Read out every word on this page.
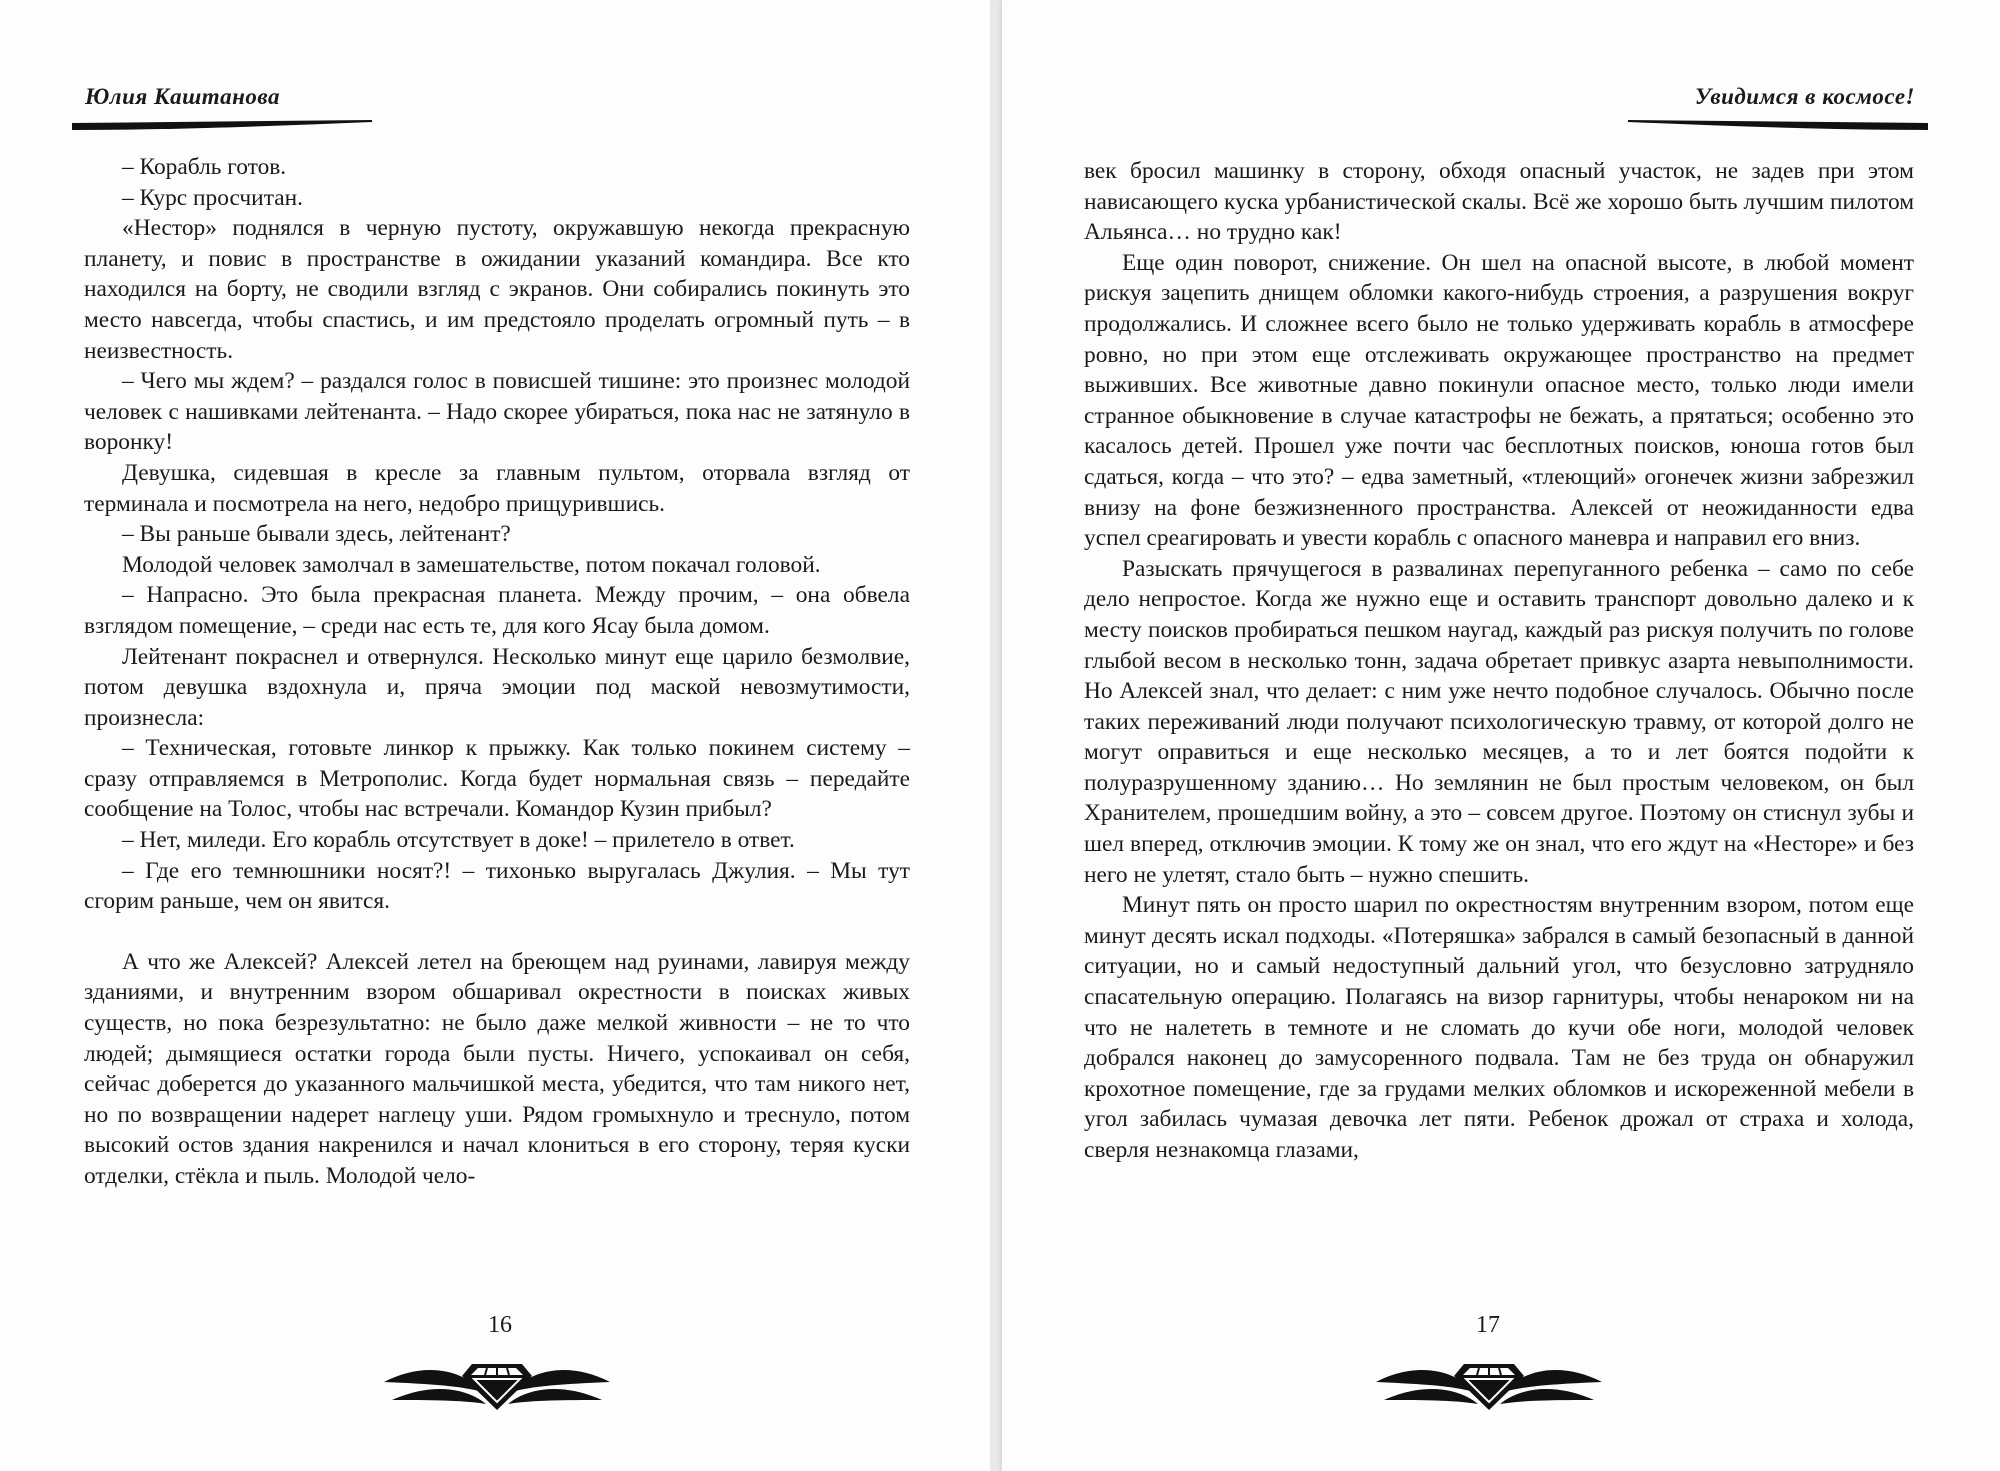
Юлия Каштанова

– Корабль готов.

– Курс просчитан.

«Нестор» поднялся в черную пустоту, окружавшую некогда прекрасную планету, и повис в пространстве в ожидании указаний командира. Все кто находился на борту, не сводили взгляд с экранов. Они собирались покинуть это место навсегда, чтобы спастись, и им предстояло проделать огромный путь – в неизвестность.

– Чего мы ждем? – раздался голос в повисшей тишине: это произнес молодой человек с нашивками лейтенанта. – Надо скорее убираться, пока нас не затянуло в воронку!

Девушка, сидевшая в кресле за главным пультом, оторвала взгляд от терминала и посмотрела на него, недобро прищурившись.

– Вы раньше бывали здесь, лейтенант?

Молодой человек замолчал в замешательстве, потом покачал головой.

– Напрасно. Это была прекрасная планета. Между прочим, – она обвела взглядом помещение, – среди нас есть те, для кого Ясау была домом.

Лейтенант покраснел и отвернулся. Несколько минут еще царило безмолвие, потом девушка вздохнула и, пряча эмоции под маской невозмутимости, произнесла:

– Техническая, готовьте линкор к прыжку. Как только покинем систему – сразу отправляемся в Метрополис. Когда будет нормальная связь – передайте сообщение на Толос, чтобы нас встречали. Командор Кузин прибыл?

– Нет, миледи. Его корабль отсутствует в доке! – прилетело в ответ.

– Где его темнюшники носят?! – тихонько выругалась Джулия. – Мы тут сгорим раньше, чем он явится.

А что же Алексей? Алексей летел на бреющем над руинами, лавируя между зданиями, и внутренним взором обшаривал окрестности в поисках живых существ, но пока безрезультатно: не было даже мелкой живности – не то что людей; дымящиеся остатки города были пусты. Ничего, успокаивал он себя, сейчас доберется до указанного мальчишкой места, убедится, что там никого нет, но по возвращении надерет наглецу уши. Рядом громыхнуло и треснуло, потом высокий остов здания накренился и начал клониться в его сторону, теряя куски отделки, стёкла и пыль. Молодой чело-

16
Увидимся в космосе!

век бросил машинку в сторону, обходя опасный участок, не задев при этом нависающего куска урбанистической скалы. Всё же хорошо быть лучшим пилотом Альянса… но трудно как!

Еще один поворот, снижение. Он шел на опасной высоте, в любой момент рискуя зацепить днищем обломки какого-нибудь строения, а разрушения вокруг продолжались. И сложнее всего было не только удерживать корабль в атмосфере ровно, но при этом еще отслеживать окружающее пространство на предмет выживших. Все животные давно покинули опасное место, только люди имели странное обыкновение в случае катастрофы не бежать, а прятаться; особенно это касалось детей. Прошел уже почти час бесплотных поисков, юноша готов был сдаться, когда – что это? – едва заметный, «тлеющий» огонечек жизни забрезжил внизу на фоне безжизненного пространства. Алексей от неожиданности едва успел среагировать и увести корабль с опасного маневра и направил его вниз.

Разыскать прячущегося в развалинах перепуганного ребенка – само по себе дело непростое. Когда же нужно еще и оставить транспорт довольно далеко и к месту поисков пробираться пешком наугад, каждый раз рискуя получить по голове глыбой весом в несколько тонн, задача обретает привкус азарта невыполнимости. Но Алексей знал, что делает: с ним уже нечто подобное случалось. Обычно после таких переживаний люди получают психологическую травму, от которой долго не могут оправиться и еще несколько месяцев, а то и лет боятся подойти к полуразрушенному зданию… Но землянин не был простым человеком, он был Хранителем, прошедшим войну, а это – совсем другое. Поэтому он стиснул зубы и шел вперед, отключив эмоции. К тому же он знал, что его ждут на «Несторе» и без него не улетят, стало быть – нужно спешить.

Минут пять он просто шарил по окрестностям внутренним взором, потом еще минут десять искал подходы. «Потеряшка» забрался в самый безопасный в данной ситуации, но и самый недоступный дальний угол, что безусловно затрудняло спасательную операцию. Полагаясь на визор гарнитуры, чтобы ненароком ни на что не налететь в темноте и не сломать до кучи обе ноги, молодой человек добрался наконец до замусоренного подвала. Там не без труда он обнаружил крохотное помещение, где за грудами мелких обломков и искореженной мебели в угол забилась чумазая девочка лет пяти. Ребенок дрожал от страха и холода, сверля незнакомца глазами,

17
